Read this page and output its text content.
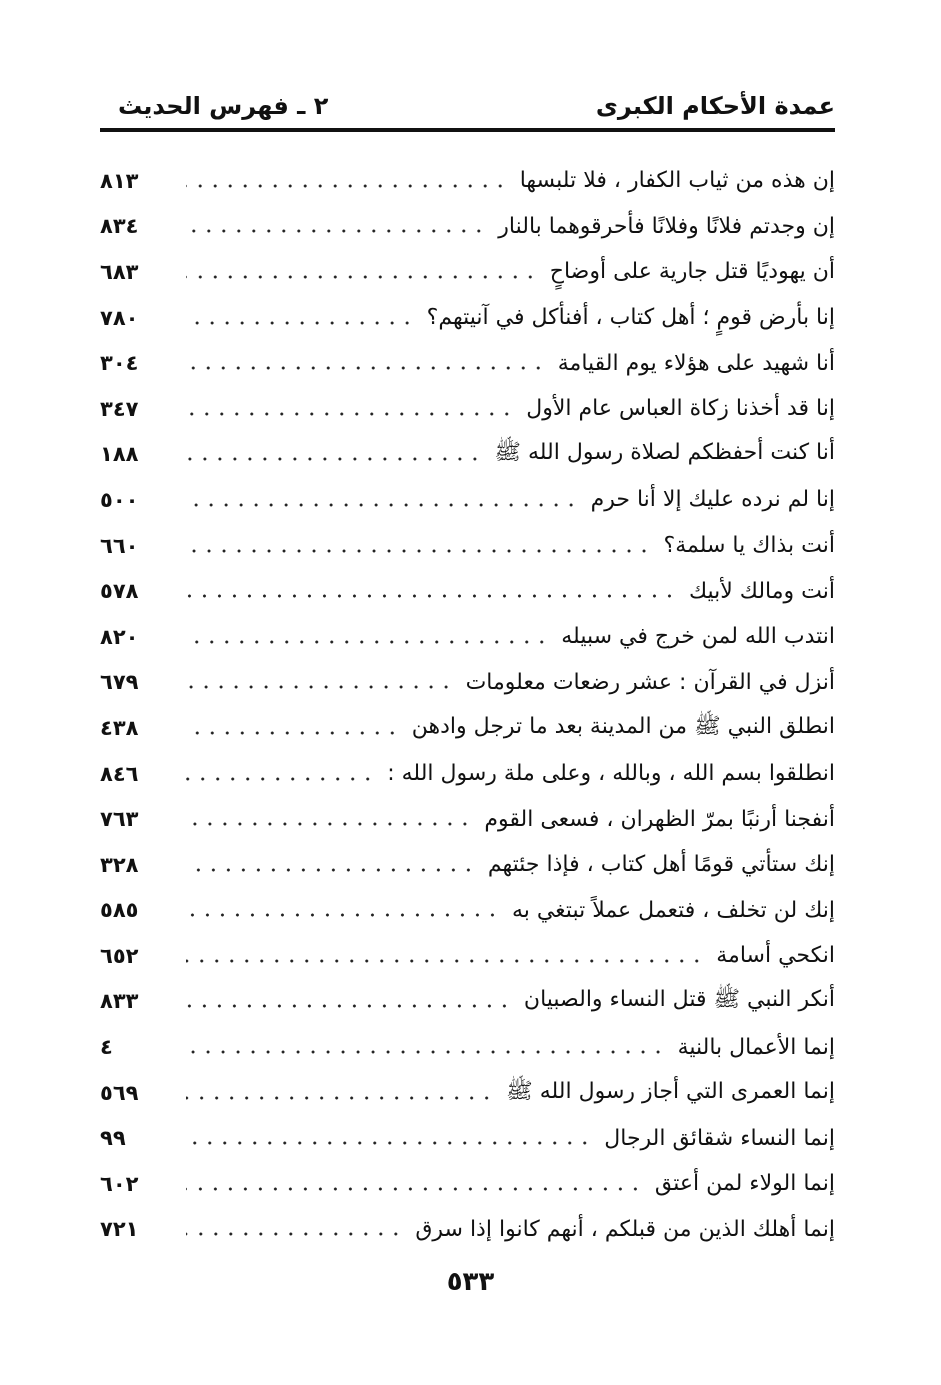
عمدة الأحكام الكبرى
٢ ـ فهرس الحديث
إن هذه من ثياب الكفار ، فلا تلبسها
٨١٣
إن وجدتم فلانًا وفلانًا فأحرقوهما بالنار
٨٣٤
أن يهوديًا قتل جارية على أوضاحٍ
٦٨٣
إنا بأرض قومٍ ؛ أهل كتاب ، أفنأكل في آنيتهم؟
٧٨٠
أنا شهيد على هؤلاء يوم القيامة
٣٠٤
إنا قد أخذنا زكاة العباس عام الأول
٣٤٧
أنا كنت أحفظكم لصلاة رسول الله ﷺ
١٨٨
إنا لم نرده عليك إلا أنا حرم
٥٠٠
أنت بذاك يا سلمة؟
٦٦٠
أنت ومالك لأبيك
٥٧٨
انتدب الله لمن خرج في سبيله
٨٢٠
أنزل في القرآن : عشر رضعات معلومات
٦٧٩
انطلق النبي ﷺ من المدينة بعد ما ترجل وادهن
٤٣٨
انطلقوا بسم الله ، وبالله ، وعلى ملة رسول الله :
٨٤٦
أنفجنا أرنبًا بمرّ الظهران ، فسعى القوم
٧٦٣
إنك ستأتي قومًا أهل كتاب ، فإذا جئتهم
٣٢٨
إنك لن تخلف ، فتعمل عملاً تبتغي به
٥٨٥
انكحي أسامة
٦٥٢
أنكر النبي ﷺ قتل النساء والصبيان
٨٣٣
إنما الأعمال بالنية
٤
إنما العمرى التي أجاز رسول الله ﷺ
٥٦٩
إنما النساء شقائق الرجال
٩٩
إنما الولاء لمن أعتق
٦٠٢
إنما أهلك الذين من قبلكم ، أنهم كانوا إذا سرق
٧٢١
٥٣٣
